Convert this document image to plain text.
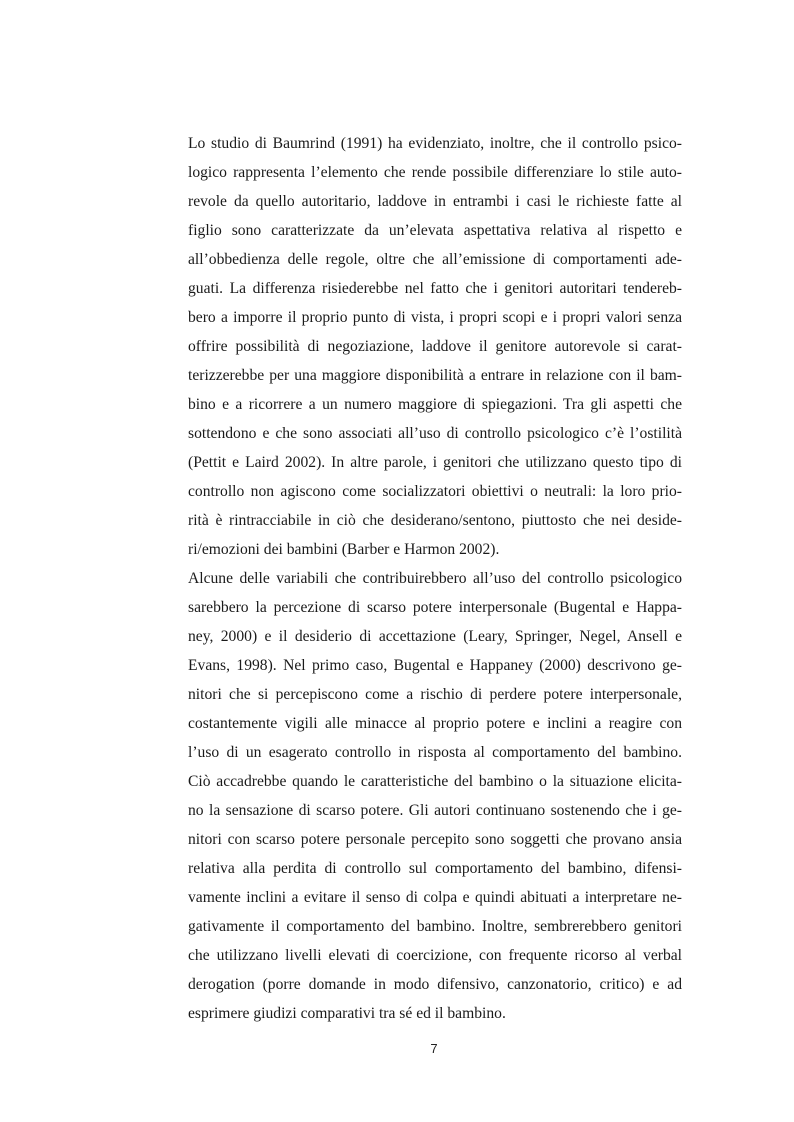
Lo studio di Baumrind (1991) ha evidenziato, inoltre, che il controllo psico-
logico rappresenta l’elemento che rende possibile differenziare lo stile auto-
revole da quello autoritario, laddove in entrambi i casi le richieste fatte al
figlio sono caratterizzate da un’elevata aspettativa relativa al rispetto e
all’obbedienza delle regole, oltre che all’emissione di comportamenti ade-
guati. La differenza risiederebbe nel fatto che i genitori autoritari tendereb-
bero a imporre il proprio punto di vista, i propri scopi e i propri valori senza
offrire possibilità di negoziazione, laddove il genitore autorevole si carat-
terizzerebbe per una maggiore disponibilità a entrare in relazione con il bam-
bino e a ricorrere a un numero maggiore di spiegazioni. Tra gli aspetti che
sottendono e che sono associati all’uso di controllo psicologico c’è l’ostilità
(Pettit e Laird 2002). In altre parole, i genitori che utilizzano questo tipo di
controllo non agiscono come socializzatori obiettivi o neutrali: la loro prio-
rità è rintracciabile in ciò che desiderano/sentono, piuttosto che nei deside-
ri/emozioni dei bambini (Barber e Harmon 2002).
Alcune delle variabili che contribuirebbero all’uso del controllo psicologico
sarebbero la percezione di scarso potere interpersonale (Bugental e Happa-
ney, 2000) e il desiderio di accettazione (Leary, Springer, Negel, Ansell e
Evans, 1998). Nel primo caso, Bugental e Happaney (2000) descrivono ge-
nitori che si percepiscono come a rischio di perdere potere interpersonale,
costantemente vigili alle minacce al proprio potere e inclini a reagire con
l’uso di un esagerato controllo in risposta al comportamento del bambino.
Ciò accadrebbe quando le caratteristiche del bambino o la situazione elicita-
no la sensazione di scarso potere. Gli autori continuano sostenendo che i ge-
nitori con scarso potere personale percepito sono soggetti che provano ansia
relativa alla perdita di controllo sul comportamento del bambino, difensi-
vamente inclini a evitare il senso di colpa e quindi abituati a interpretare ne-
gativamente il comportamento del bambino. Inoltre, sembrerebbero genitori
che utilizzano livelli elevati di coercizione, con frequente ricorso al verbal
derogation (porre domande in modo difensivo, canzonatorio, critico) e ad
esprimere giudizi comparativi tra sé ed il bambino.
7
